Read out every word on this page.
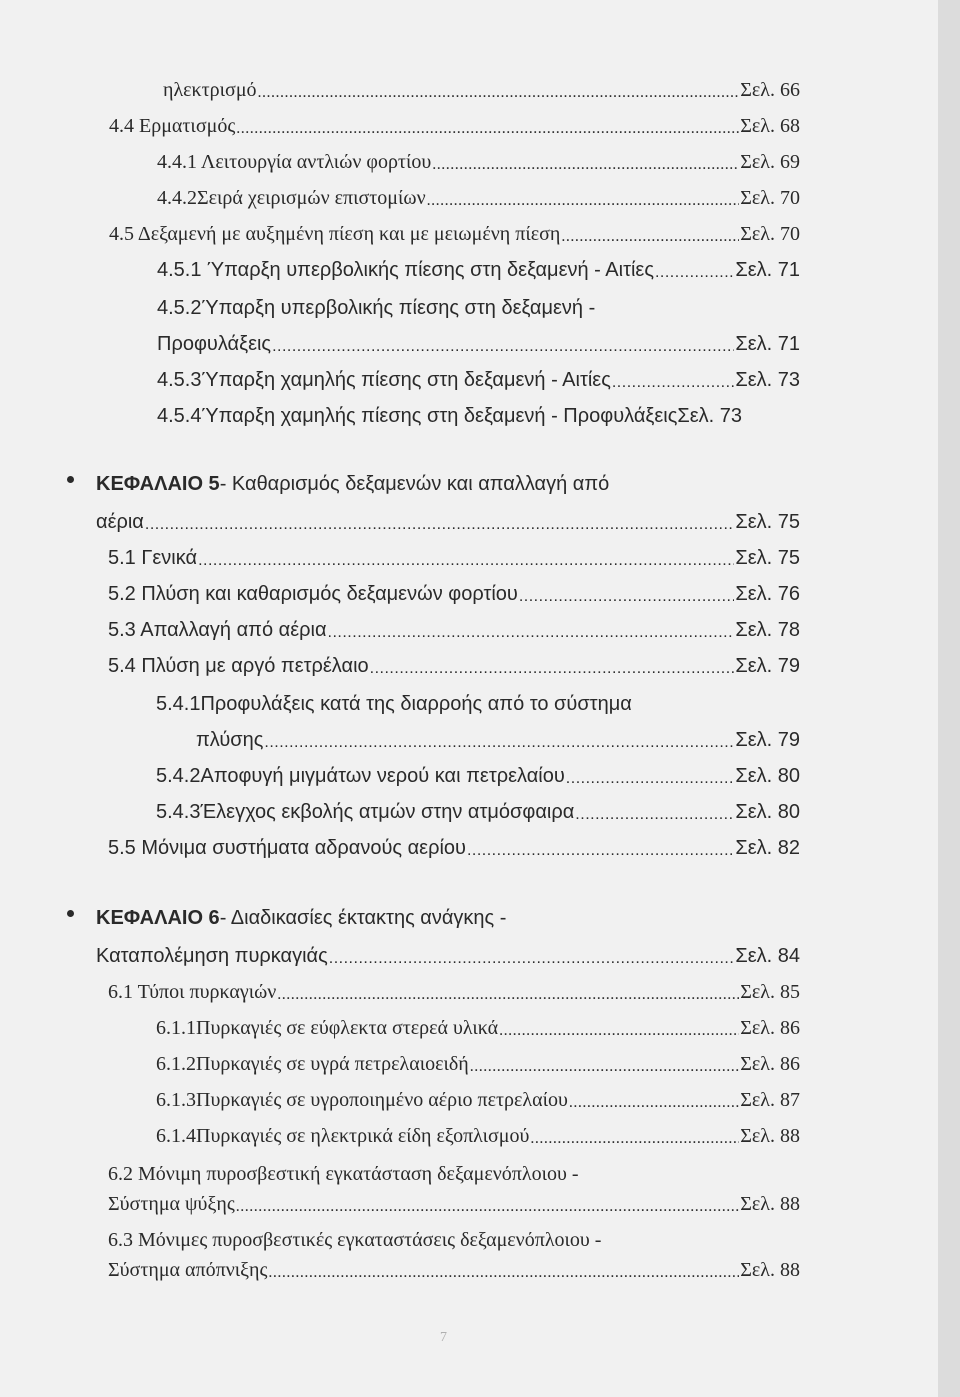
ηλεκτρισμό .....	Σελ. 66
4.4 Ερματισμός .....	Σελ. 68
4.4.1 Λειτουργία αντλιών φορτίου .....	Σελ. 69
4.4.2Σειρά χειρισμών επιστομίων .....	Σελ. 70
4.5 Δεξαμενή με αυξημένη πίεση και με μειωμένη πίεση .....	Σελ. 70
4.5.1 Ύπαρξη υπερβολικής πίεσης στη δεξαμενή - Αιτίες .....	Σελ. 71
4.5.2Ύπαρξη υπερβολικής πίεσης στη δεξαμενή -
Προφυλάξεις .....	Σελ. 71
4.5.3Ύπαρξη χαμηλής πίεσης στη δεξαμενή - Αιτίες .....	Σελ. 73
4.5.4Ύπαρξη χαμηλής πίεσης στη δεξαμενή - Προφυλάξεις Σελ. 73
ΚΕΦΑΛΑΙΟ 5 - Καθαρισμός δεξαμενών και απαλλαγή από
αέρια .....	Σελ. 75
5.1 Γενικά .....	Σελ. 75
5.2 Πλύση και καθαρισμός δεξαμενών φορτίου .....	Σελ. 76
5.3 Απαλλαγή από αέρια .....	Σελ. 78
5.4 Πλύση με αργό πετρέλαιο .....	Σελ. 79
5.4.1Προφυλάξεις κατά της διαρροής από το σύστημα
πλύσης .....	Σελ. 79
5.4.2Αποφυγή μιγμάτων νερού και πετρελαίου .....	Σελ. 80
5.4.3Έλεγχος εκβολής ατμών στην ατμόσφαιρα .....	Σελ. 80
5.5 Μόνιμα συστήματα αδρανούς αερίου .....	Σελ. 82
ΚΕΦΑΛΑΙΟ 6 - Διαδικασίες έκτακτης ανάγκης -
Καταπολέμηση πυρκαγιάς .....	Σελ. 84
6.1 Τύποι πυρκαγιών .....	Σελ. 85
6.1.1Πυρκαγιές σε εύφλεκτα στερεά υλικά .....	Σελ. 86
6.1.2Πυρκαγιές σε υγρά πετρελαιοειδή .....	Σελ. 86
6.1.3Πυρκαγιές σε υγροποιημένο αέριο πετρελαίου .....	Σελ. 87
6.1.4Πυρκαγιές σε ηλεκτρικά είδη εξοπλισμού .....	Σελ. 88
6.2 Μόνιμη πυροσβεστική εγκατάσταση δεξαμενόπλοιου -
Σύστημα ψύξης .....	Σελ. 88
6.3 Μόνιμες πυροσβεστικές εγκαταστάσεις δεξαμενόπλοιου -
Σύστημα απόπνιξης .....	Σελ. 88
7
